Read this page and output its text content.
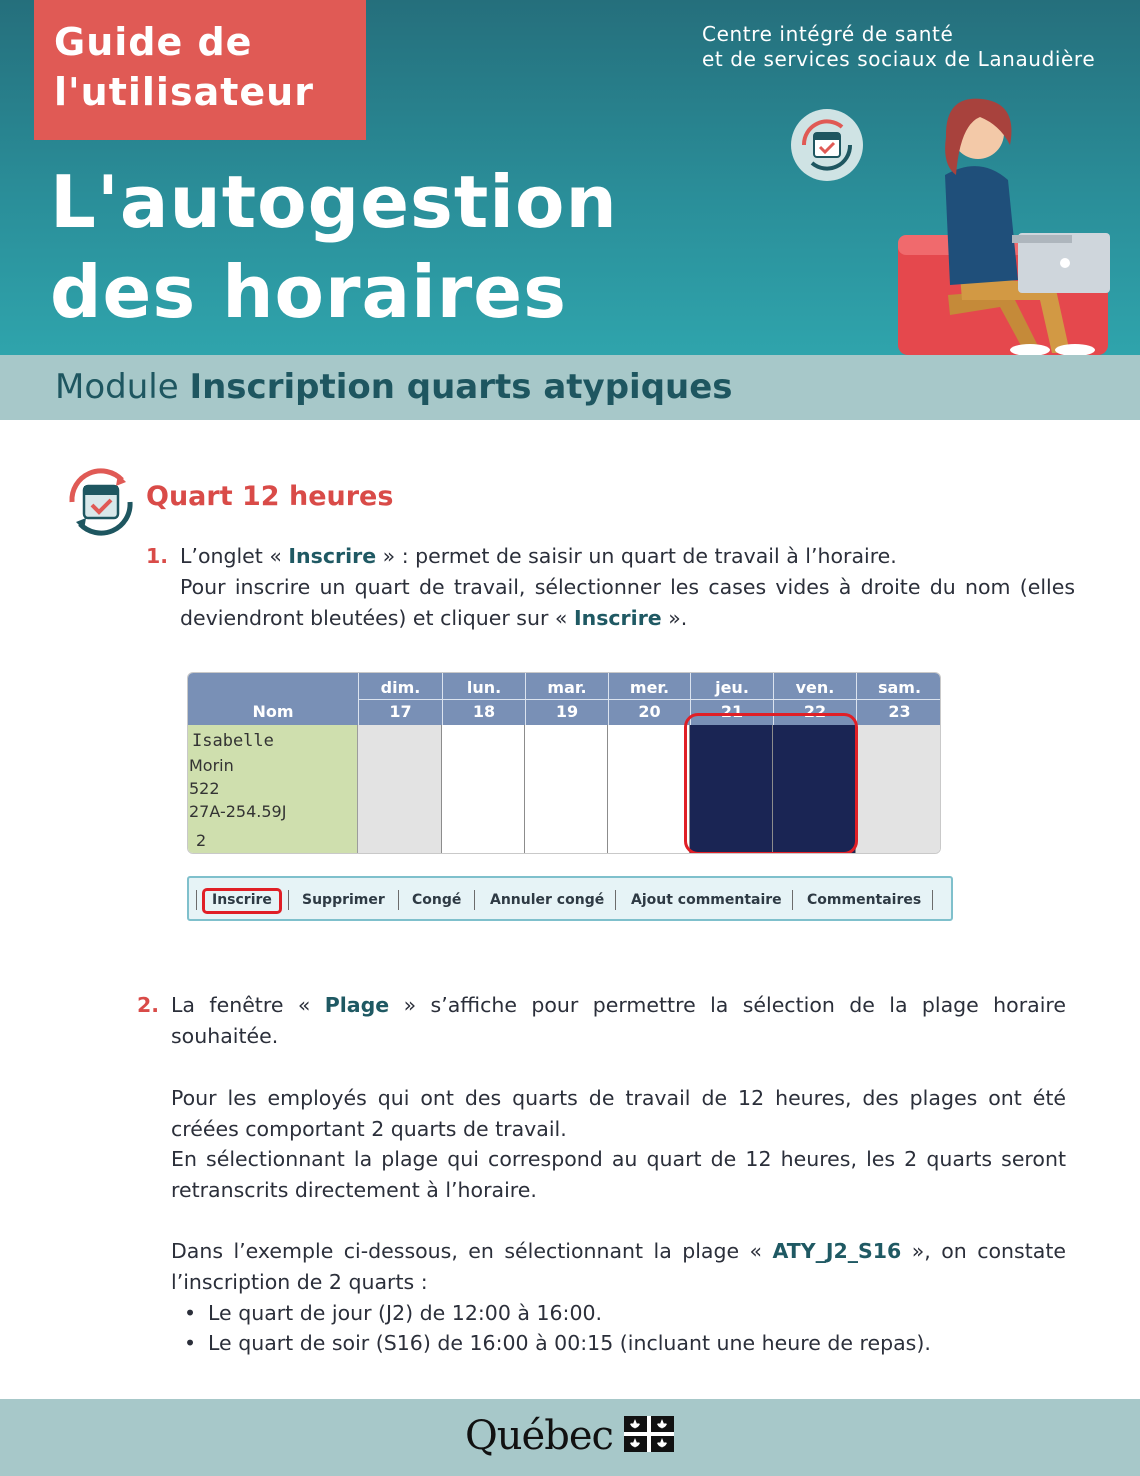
Guide de
l'utilisateur
Centre intégré de santé
et de services sociaux de Lanaudière
L'autogestion
des horaires
Module Inscription quarts atypiques
Quart 12 heures
1. L’onglet « Inscrire » : permet de saisir un quart de travail à l’horaire.
Pour inscrire un quart de travail, sélectionner les cases vides à droite du nom (elles deviendront bleutées) et cliquer sur « Inscrire ».
Nom
dim.
17
lun.
18
mar.
19
mer.
20
jeu.
21
ven.
22
sam.
23
Isabelle
Morin
522
27A-254.59J
2
Inscrire Supprimer Congé Annuler congé Ajout commentaire Commentaires
2. La fenêtre « Plage » s’affiche pour permettre la sélection de la plage horaire souhaitée.
Pour les employés qui ont des quarts de travail de 12 heures, des plages ont été créées comportant 2 quarts de travail.
En sélectionnant la plage qui correspond au quart de 12 heures, les 2 quarts seront retranscrits directement à l’horaire.
Dans l’exemple ci-dessous, en sélectionnant la plage « ATY_J2_S16 », on constate l’inscription de 2 quarts :
• Le quart de jour (J2) de 12:00 à 16:00.
• Le quart de soir (S16) de 16:00 à 00:15 (incluant une heure de repas).
Québec
